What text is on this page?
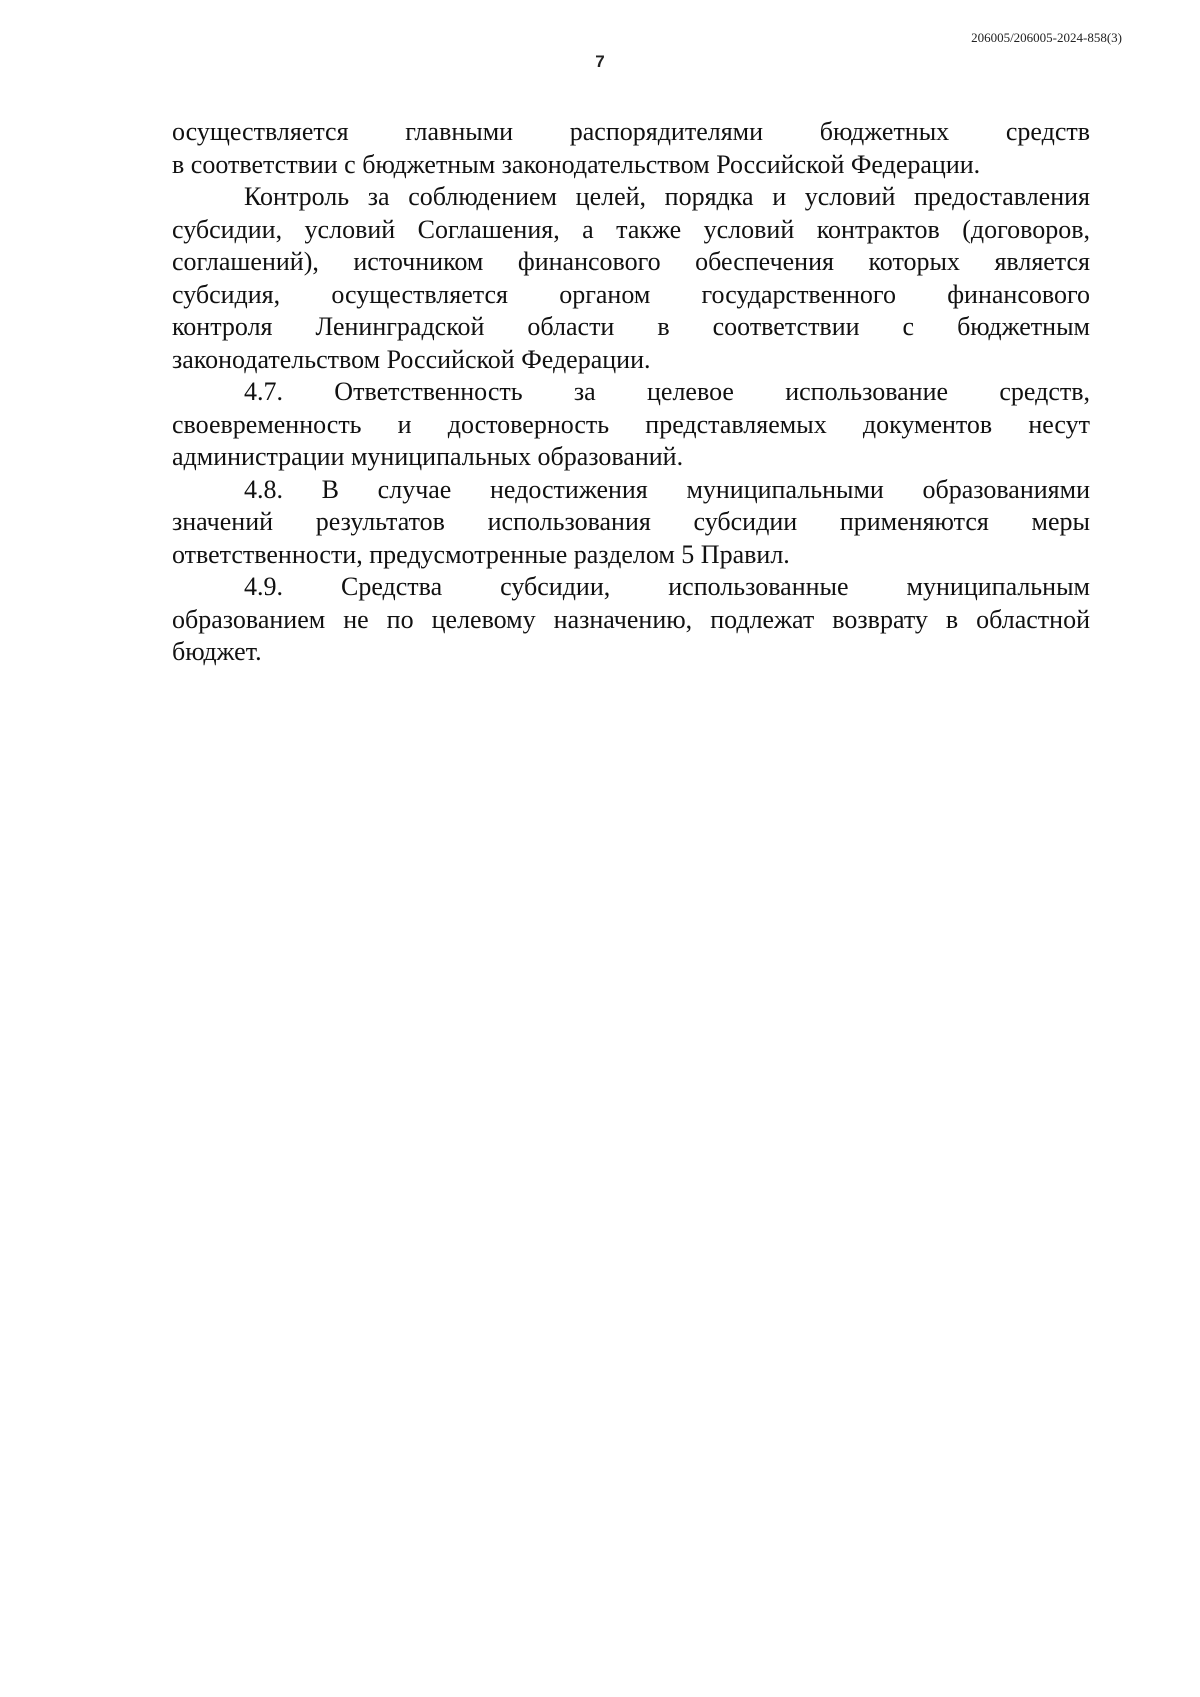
206005/206005-2024-858(3)
7
осуществляется главными распорядителями бюджетных средств
в соответствии с бюджетным законодательством Российской Федерации.
Контроль за соблюдением целей, порядка и условий предоставления
субсидии, условий Соглашения, а также условий контрактов (договоров,
соглашений), источником финансового обеспечения которых является
субсидия, осуществляется органом государственного финансового
контроля Ленинградской области в соответствии с бюджетным
законодательством Российской Федерации.
4.7. Ответственность за целевое использование средств,
своевременность и достоверность представляемых документов несут
администрации муниципальных образований.
4.8. В случае недостижения муниципальными образованиями
значений результатов использования субсидии применяются меры
ответственности, предусмотренные разделом 5 Правил.
4.9. Средства субсидии, использованные муниципальным
образованием не по целевому назначению, подлежат возврату в областной
бюджет.
